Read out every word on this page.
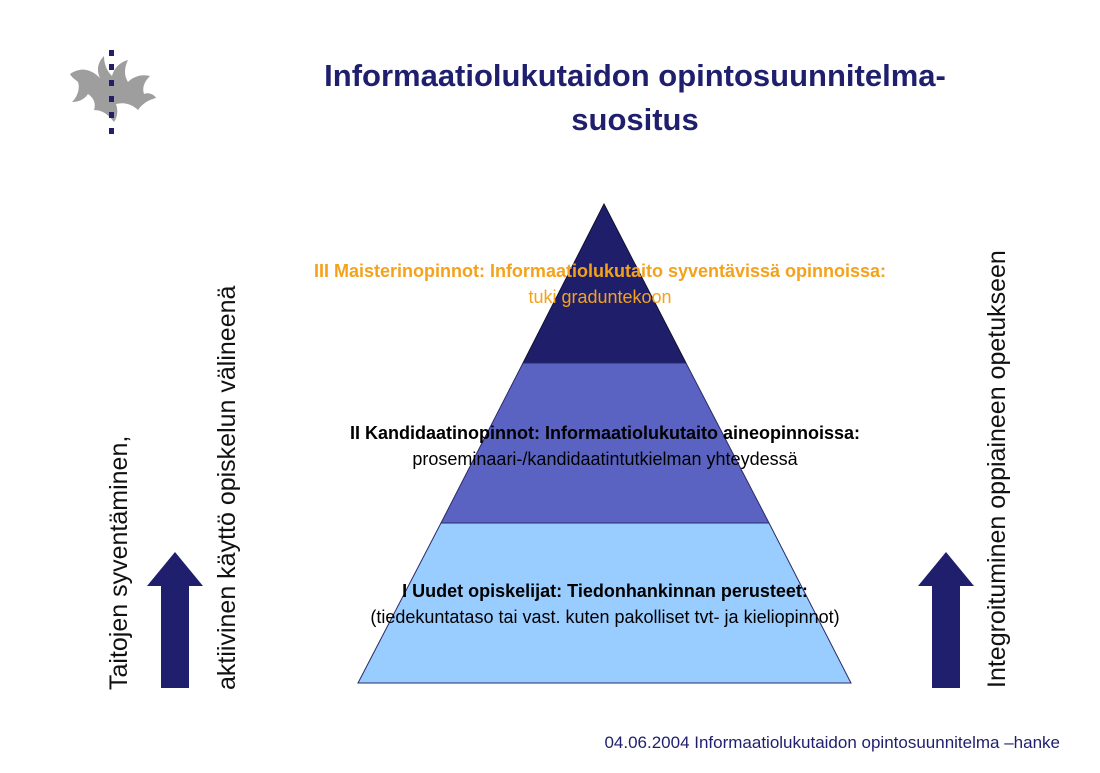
Informaatiolukutaidon opintosuunnitelma-
suositus
III Maisterinopinnot: Informaatiolukutaito syventävissä opinnoissa:
tuki graduntekoon
II Kandidaatinopinnot: Informaatiolukutaito aineopinnoissa:
proseminaari-/kandidaatintutkielman yhteydessä
I Uudet opiskelijat: Tiedonhankinnan perusteet:
(tiedekuntataso tai vast. kuten pakolliset tvt- ja kieliopinnot)
Taitojen syventäminen,	aktiivinen käyttö opiskelun välineenä	Integroituminen oppiaineen opetukseen
04.06.2004 Informaatiolukutaidon opintosuunnitelma –hanke
